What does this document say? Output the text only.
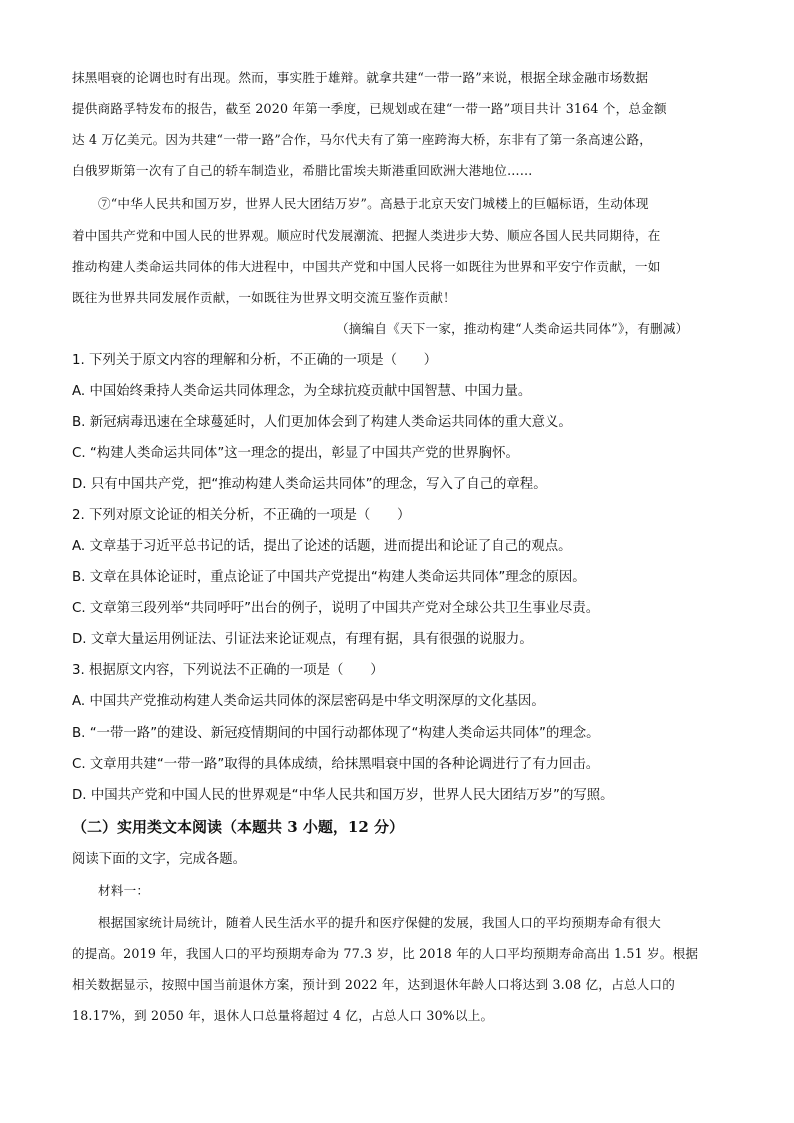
抹黑唱衰的论调也时有出现。然而，事实胜于雄辩。就拿共建“一带一路”来说，根据全球金融市场数据
提供商路孚特发布的报告，截至 2020 年第一季度，已规划或在建“一带一路”项目共计 3164 个，总金额
达 4 万亿美元。因为共建“一带一路”合作，马尔代夫有了第一座跨海大桥，东非有了第一条高速公路，
白俄罗斯第一次有了自己的轿车制造业，希腊比雷埃夫斯港重回欧洲大港地位……
⑦“中华人民共和国万岁，世界人民大团结万岁”。高悬于北京天安门城楼上的巨幅标语，生动体现
着中国共产党和中国人民的世界观。顺应时代发展潮流、把握人类进步大势、顺应各国人民共同期待，在
推动构建人类命运共同体的伟大进程中，中国共产党和中国人民将一如既往为世界和平安宁作贡献，一如
既往为世界共同发展作贡献，一如既往为世界文明交流互鉴作贡献！
（摘编自《天下一家，推动构建“人类命运共同体”》，有删减）
1. 下列关于原文内容的理解和分析，不正确的一项是（　　）
A. 中国始终秉持人类命运共同体理念，为全球抗疫贡献中国智慧、中国力量。
B. 新冠病毒迅速在全球蔓延时，人们更加体会到了构建人类命运共同体的重大意义。
C. “构建人类命运共同体”这一理念的提出，彰显了中国共产党的世界胸怀。
D. 只有中国共产党，把“推动构建人类命运共同体”的理念，写入了自己的章程。
2. 下列对原文论证的相关分析，不正确的一项是（　　）
A. 文章基于习近平总书记的话，提出了论述的话题，进而提出和论证了自己的观点。
B. 文章在具体论证时，重点论证了中国共产党提出“构建人类命运共同体”理念的原因。
C. 文章第三段列举“共同呼吁”出台的例子，说明了中国共产党对全球公共卫生事业尽责。
D. 文章大量运用例证法、引证法来论证观点，有理有据，具有很强的说服力。
3. 根据原文内容，下列说法不正确的一项是（　　）
A. 中国共产党推动构建人类命运共同体的深层密码是中华文明深厚的文化基因。
B. “一带一路”的建设、新冠疫情期间的中国行动都体现了“构建人类命运共同体”的理念。
C. 文章用共建“一带一路”取得的具体成绩，给抹黑唱衰中国的各种论调进行了有力回击。
D. 中国共产党和中国人民的世界观是“中华人民共和国万岁，世界人民大团结万岁”的写照。
（二）实用类文本阅读（本题共 3 小题，12 分）
阅读下面的文字，完成各题。
材料一：
根据国家统计局统计，随着人民生活水平的提升和医疗保健的发展，我国人口的平均预期寿命有很大
的提高。2019 年，我国人口的平均预期寿命为 77.3 岁，比 2018 年的人口平均预期寿命高出 1.51 岁。根据
相关数据显示，按照中国当前退休方案，预计到 2022 年，达到退休年龄人口将达到 3.08 亿，占总人口的
18.17%，到 2050 年，退休人口总量将超过 4 亿，占总人口 30%以上。
